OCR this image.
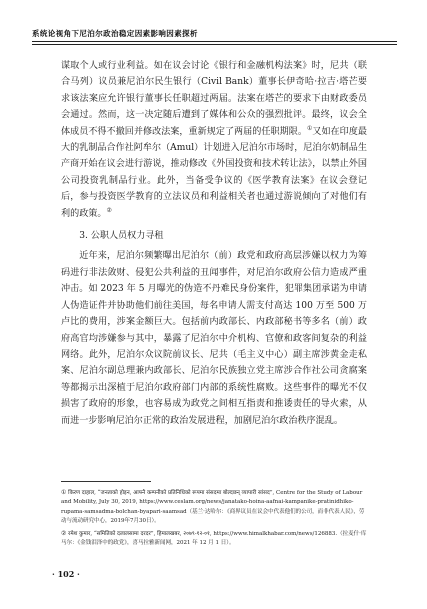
系统论视角下尼泊尔政治稳定因素影响因素探析

谋取个人或行业利益。如在议会讨论《银行和金融机构法案》时，尼共（联合马列）议员兼尼泊尔民生银行（Civil Bank）董事长伊奇哈·拉吉·塔芒要求该法案应允许银行董事长任职超过两届。法案在塔芒的要求下由财政委员会通过。然而，这一决定随后遭到了媒体和公众的强烈批评。最终，议会全体成员不得不撤回并修改法案，重新规定了两届的任职期限。①又如在印度最大的乳制品合作社阿牟尔（Amul）计划进入尼泊尔市场时，尼泊尔奶制品生产商开始在议会进行游说，推动修改《外国投资和技术转让法》，以禁止外国公司投资乳制品行业。此外，当备受争议的《医学教育法案》在议会登记后，参与投资医学教育的立法议员和利益相关者也通过游说倾向了对他们有利的政策。②

3. 公职人员权力寻租

近年来，尼泊尔频繁曝出尼泊尔（前）政党和政府高层涉嫌以权力为筹码进行非法敛财、侵犯公共利益的丑闻事件，对尼泊尔政府公信力造成严重冲击。如 2023 年 5 月曝光的伪造不丹难民身份案件，犯罪集团承诺为申请人伪造证件并协助他们前往美国，每名申请人需支付高达 100 万至 500 万卢比的费用，涉案金额巨大。包括前内政部长、内政部秘书等多名（前）政府高官均涉嫌参与其中，暴露了尼泊尔中介机构、官僚和政客间复杂的利益网络。此外，尼泊尔众议院前议长、尼共（毛主义中心）副主席涉黄金走私案、尼泊尔副总理兼内政部长、尼泊尔民族独立党主席涉合作社公司贪腐案等都揭示出深植于尼泊尔政府部门内部的系统性腐败。这些事件的曝光不仅损害了政府的形象，也容易成为政党之间相互指责和推诿责任的导火索，从而进一步影响尼泊尔正常的政治发展进程，加剧尼泊尔政治秩序混乱。

① किरण दाहाल, “जनताको होइन, आफ्नै कम्पनीको प्रतिनिधिको रूपमा संसदमा बोल्दछन् व्यापारी सांसद”, Centre for the Study of Labour and Mobility, July 30, 2019, https://www.ceslam.org/news/janatako-hoina-aafnai-kampanike-pratinidhiko-rupama-samsadma-bolchan-byapari-saamsad（基兰·达哈尔：《商界议员在议会中代表他们的公司，而非代表人民》，劳动与流动研究中心，2019年7月30日）。

② रमेश कुमार, “समितिको दलालसामा दरदर”, हिमालखबर, २०७९-१२-०१, https://www.himalkhabar.com/news/126883.（拉麦什·库马尔：《金钱泪泽中的政党》，喜马拉雅新闻网，2021 年 12 月 1 日）。

· 102 ·
